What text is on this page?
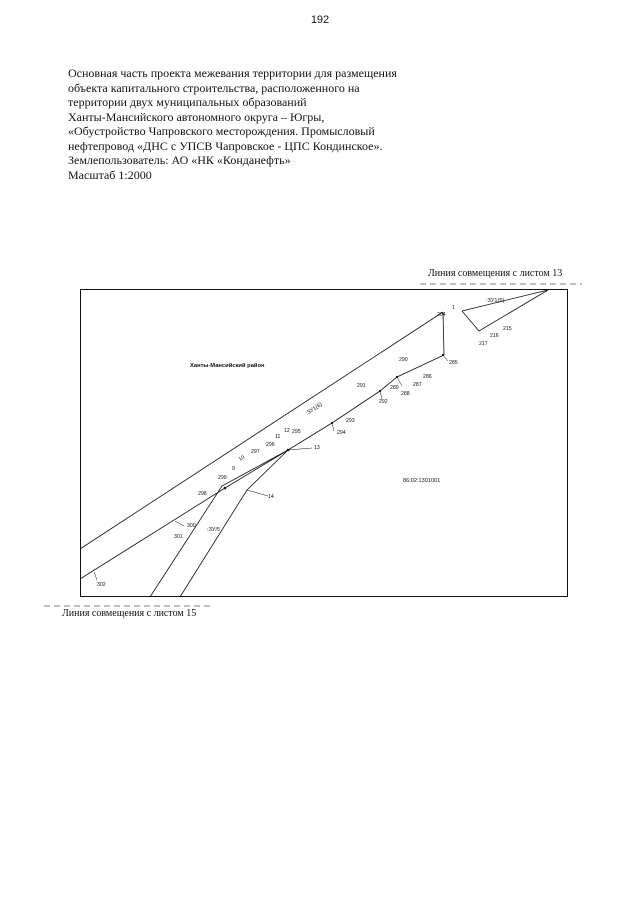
192
Основная часть проекта межевания территории для размещения
объекта капитального строительства, расположенного на
территории двух муниципальных образований
Ханты-Мансийского автономного округа – Югры,
«Обустройство Чапровского месторождения. Промысловый
нефтепровод «ДНС с УПСВ Чапровское - ЦПС Кондинское».
Землепользователь: АО «НК «Конданефть»
Масштаб 1:2000
Линия совмещения с листом 13
Линия совмещения с листом 15
Ханты-Мансийский район
86:02:1301001
:ЗУ1(5)
:ЗУ1(6)
:ЗУ/5
204
1
215
216
217
285
290
286
287
289
288
291
292
293
294
295
12
11
296	13
297
10
9
299
298	14
300
301
302
